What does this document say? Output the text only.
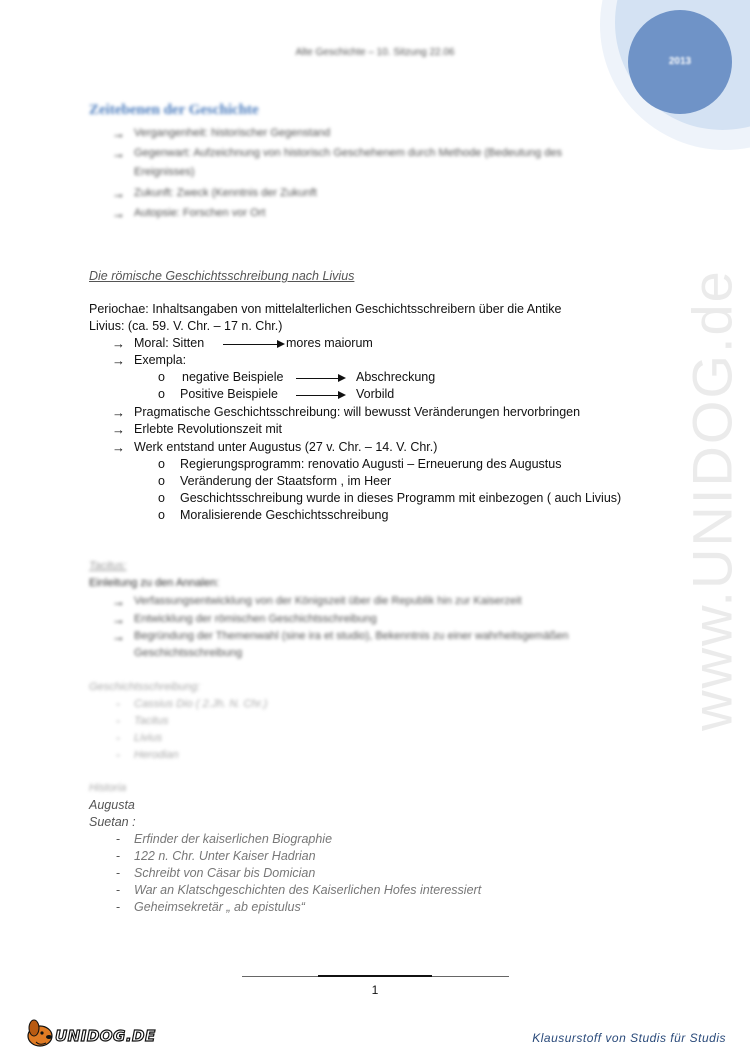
2013
www.UNIDOG.de
Alte Geschichte – 10. Sitzung 22.06
Zeitebenen der Geschichte
→ Vergangenheit: historischer Gegenstand
→ Gegenwart: Aufzeichnung von historisch Geschehenem durch Methode (Bedeutung des
Ereignisses)
→ Zukunft: Zweck (Kenntnis der Zukunft
→ Autopsie: Forschen vor Ort
Die römische Geschichtsschreibung nach Livius
Periochae: Inhaltsangaben von mittelalterlichen Geschichtsschreibern über die Antike
Livius: (ca. 59. V. Chr. – 17 n. Chr.)
→ Moral: Sitten	mores maiorum
→ Exempla:
o negative Beispiele	Abschreckung
o Positive Beispiele	Vorbild
→ Pragmatische Geschichtsschreibung: will bewusst Veränderungen hervorbringen
→ Erlebte Revolutionszeit mit
→ Werk entstand unter Augustus (27 v. Chr. – 14. V. Chr.)
o Regierungsprogramm: renovatio Augusti – Erneuerung des Augustus
o Veränderung der Staatsform , im Heer
o Geschichtsschreibung wurde in dieses Programm mit einbezogen ( auch Livius)
o Moralisierende Geschichtsschreibung
Tacitus:
Einleitung zu den Annalen:
→ Verfassungsentwicklung von der Königszeit über die Republik hin zur Kaiserzeit
→ Entwicklung der römischen Geschichtsschreibung
→ Begründung der Themenwahl (sine ira et studio), Bekenntnis zu einer wahrheitsgemäßen
Geschichtsschreibung
Geschichtsschreibung:
- Cassius Dio ( 2.Jh. N. Chr.)
- Tacitus
- Livius
- Herodian
Historia
Augusta
Suetan :
- Erfinder der kaiserlichen Biographie
- 122 n. Chr. Unter Kaiser Hadrian
- Schreibt von Cäsar bis Domician
- War an Klatschgeschichten des Kaiserlichen Hofes interessiert
- Geheimsekretär „ ab epistulus“
1
UNIDOG.DE	Klausurstoff von Studis für Studis
